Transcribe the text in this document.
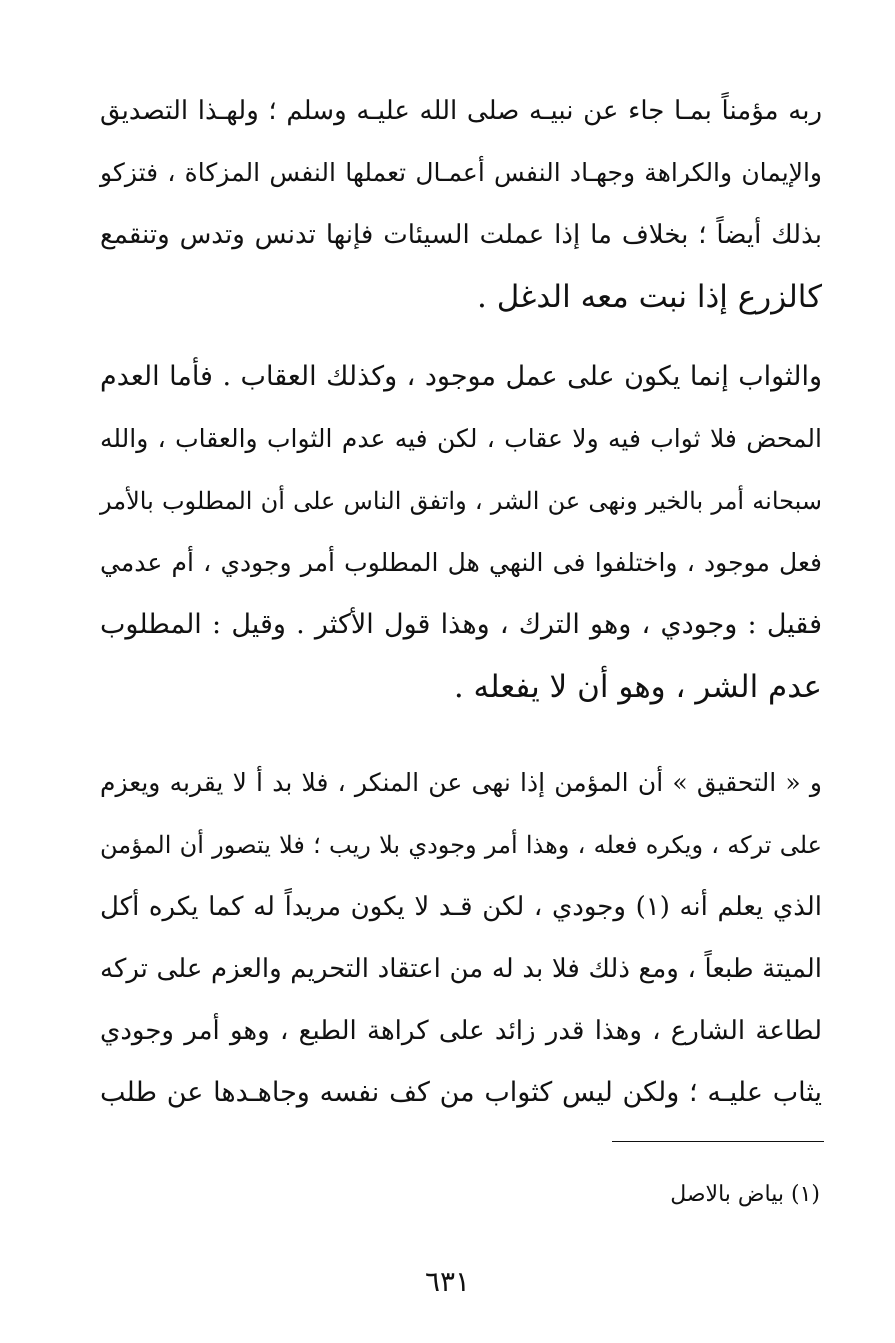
ربه مؤمناً بمـا جاء عن نبيـه صلى الله عليـه وسلم ؛ ولهـذا التصديق
والإيمان والكراهة وجهـاد النفس أعمـال تعملها النفس المزكاة ، فتزكو
بذلك أيضاً ؛ بخلاف ما إذا عملت السيئات فإنها تدنس وتدس وتنقمع
كالزرع إذا نبت معه الدغل .
والثواب إنما يكون على عمل موجود ، وكذلك العقاب . فأما العدم
المحض فلا ثواب فيه ولا عقاب ، لكن فيه عدم الثواب والعقاب ، والله
سبحانه أمر بالخير ونهى عن الشر ، واتفق الناس على أن المطلوب بالأمر
فعل موجود ، واختلفوا فى النهي هل المطلوب أمر وجودي ، أم عدمي
فقيل : وجودي ، وهو الترك ، وهذا قول الأكثر . وقيل : المطلوب
عدم الشر ، وهو أن لا يفعله .
و « التحقيق » أن المؤمن إذا نهى عن المنكر ، فلا بد أ لا يقربه ويعزم
على تركه ، ويكره فعله ، وهذا أمر وجودي بلا ريب ؛ فلا يتصور أن المؤمن
الذي يعلم أنه (١) وجودي ، لكن قـد لا يكون مريداً له كما يكره أكل
الميتة طبعاً ، ومع ذلك فلا بد له من اعتقاد التحريم والعزم على تركه
لطاعة الشارع ، وهذا قدر زائد على كراهة الطبع ، وهو أمر وجودي
يثاب عليـه ؛ ولكن ليس كثواب من كف نفسه وجاهـدها عن طلب
(١) بياض بالاصل
٦٣١
